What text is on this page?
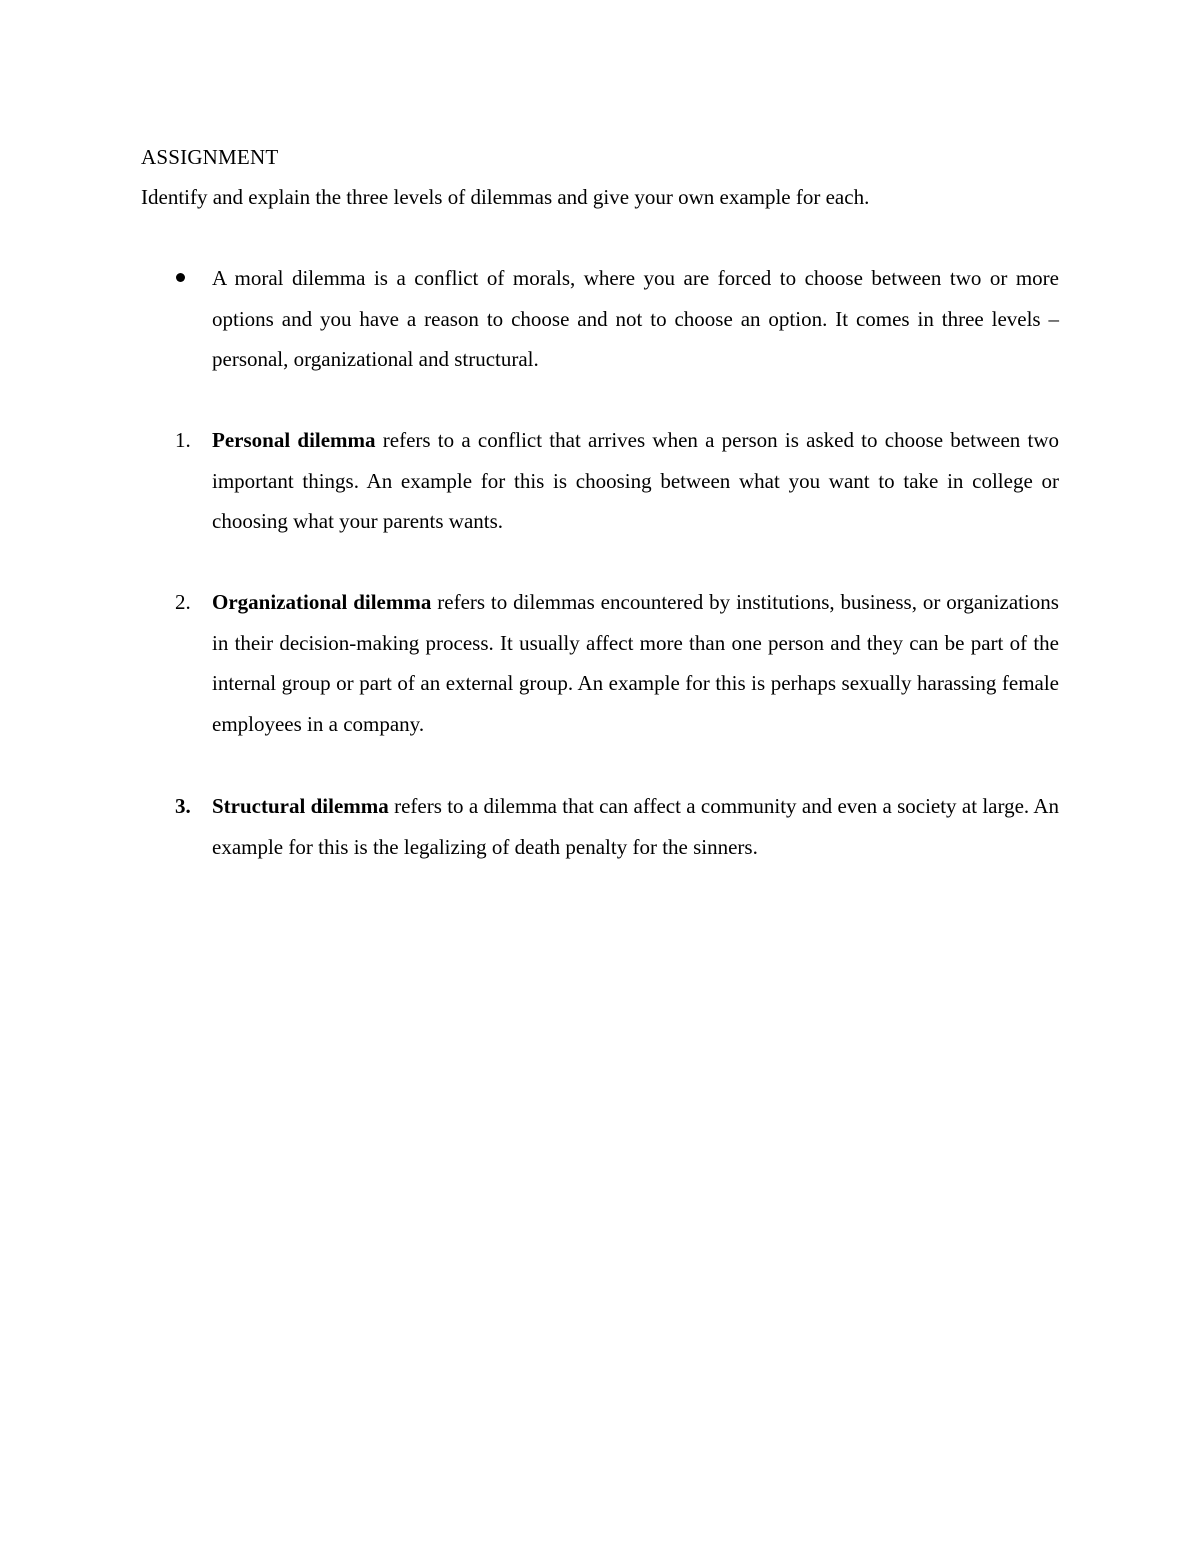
ASSIGNMENT

Identify and explain the three levels of dilemmas and give your own example for each.

A moral dilemma is a conflict of morals, where you are forced to choose between two or more options and you have a reason to choose and not to choose an option. It comes in three levels – personal, organizational and structural.
1.	Personal dilemma refers to a conflict that arrives when a person is asked to choose between two important things. An example for this is choosing between what you want to take in college or choosing what your parents wants.
2.	Organizational dilemma refers to dilemmas encountered by institutions, business, or organizations in their decision-making process. It usually affect more than one person and they can be part of the internal group or part of an external group. An example for this is perhaps sexually harassing female employees in a company.
3.	Structural dilemma refers to a dilemma that can affect a community and even a society at large. An example for this is the legalizing of death penalty for the sinners.
